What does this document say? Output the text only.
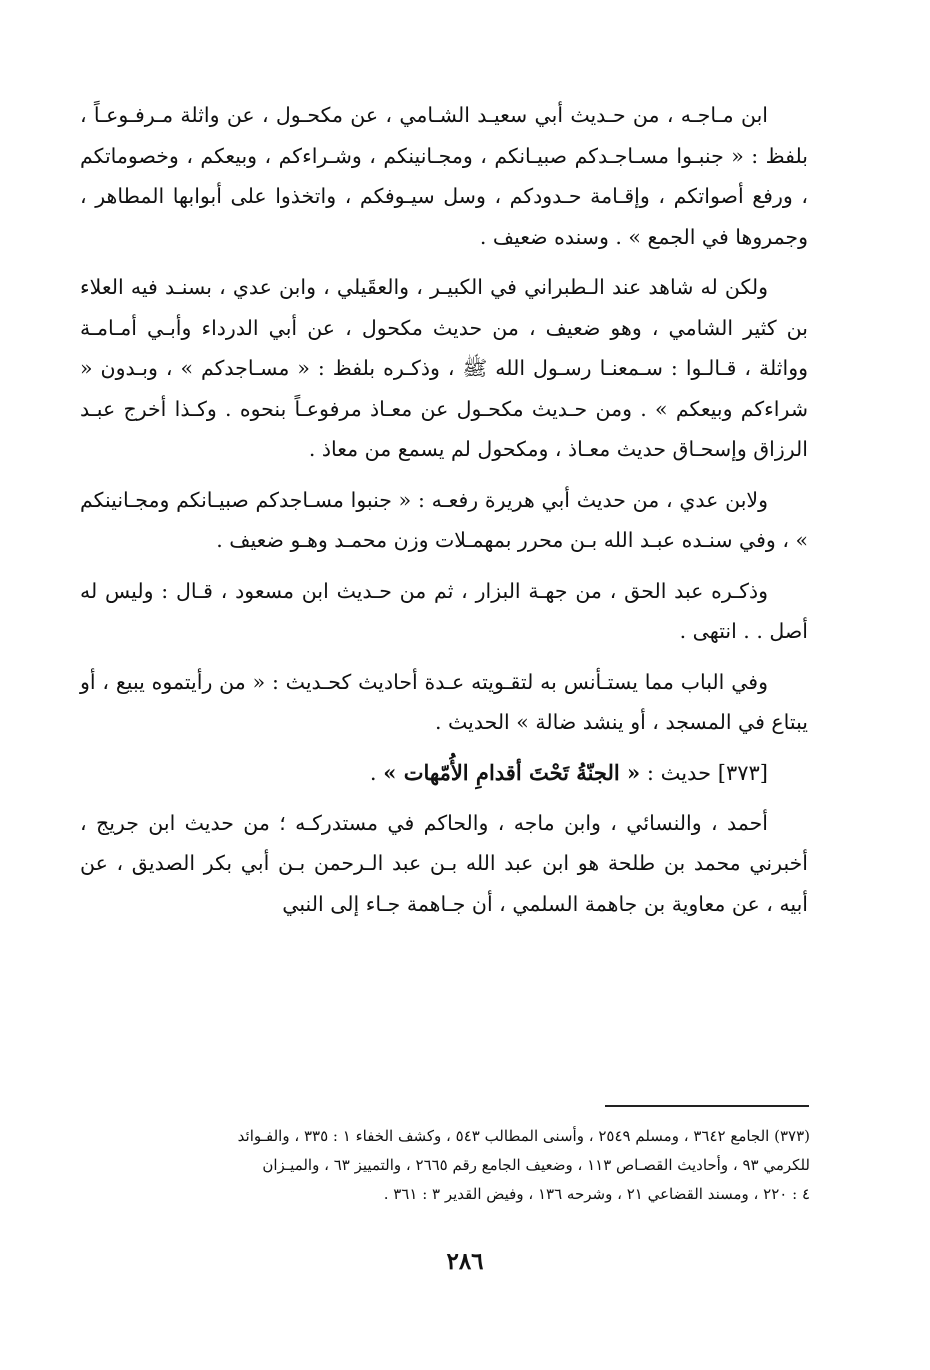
ابن مـاجـه ، من حـديث أبي سعيـد الشـامي ، عن مكحـول ، عن واثلة مـرفـوعـاً ، بلفظ : « جنبـوا مسـاجـدكم صبيـانكم ، ومجـانينكم ، وشـراءكم ، وبيعكم ، وخصوماتكم ، ورفع أصواتكم ، وإقـامة حـدودكم ، وسل سيـوفكم ، واتخذوا على أبوابها المطاهر ، وجمروها في الجمع » . وسنده ضعيف .

ولكن له شاهد عند الـطبراني في الكبيـر ، والعقَيلي ، وابن عدي ، بسنـد فيه العلاء بن كثير الشامي ، وهو ضعيف ، من حديث مكحول ، عن أبي الدرداء وأبـي أمـامـة وواثلة ، قـالـوا : سـمعنـا رسـول الله ﷺ ، وذكـره بلفظ : « مسـاجدكم » ، وبـدون « شراءكم وبيعكم » . ومن حـديث مكحـول عن معـاذ مرفوعـاً بنحوه . وكـذا أخرج عبـد الرزاق وإسحـاق حديث معـاذ ، ومكحول لم يسمع من معاذ .

ولابن عدي ، من حديث أبي هريرة رفعـه : « جنبوا مسـاجدكم صبيـانكم ومجـانينكم » ، وفي سنـده عبـد الله بـن محرر بمهمـلات وزن محمـد وهـو ضعيف .

وذكـره عبد الحق ، من جهـة البزار ، ثم من حـديث ابن مسعود ، قـال : وليس له أصل . . انتهى .

وفي الباب مما يستـأنس به لتقـويته عـدة أحاديث كحـديث : « من رأيتموه يبيع ، أو يبتاع في المسجد ، أو ينشد ضالة » الحديث .

[٣٧٣] حديث : « الجنّةُ تَحْتَ أقدامِ الأُمّهات » .

أحمد ، والنسائي ، وابن ماجه ، والحاكم في مستدركـه ؛ من حديث ابن جريج ، أخبرني محمد بن طلحة هو ابن عبد الله بـن عبد الـرحمن بـن أبي بكر الصديق ، عن أبيه ، عن معاوية بن جاهمة السلمي ، أن جـاهمة جـاء إلى النبي

(٣٧٣) الجامع ٣٦٤٢ ، ومسلم ٢٥٤٩ ، وأسنى المطالب ٥٤٣ ، وكشف الخفاء ١ : ٣٣٥ ، والفـوائد

للكرمي ٩٣ ، وأحاديث القصـاص ١١٣ ، وضعيف الجامع رقم ٢٦٦٥ ، والتمييز ٦٣ ، والميـزان

٤ : ٢٢٠ ، ومسند القضاعي ٢١ ، وشرحه ١٣٦ ، وفيض القدير ٣ : ٣٦١ .

٢٨٦
